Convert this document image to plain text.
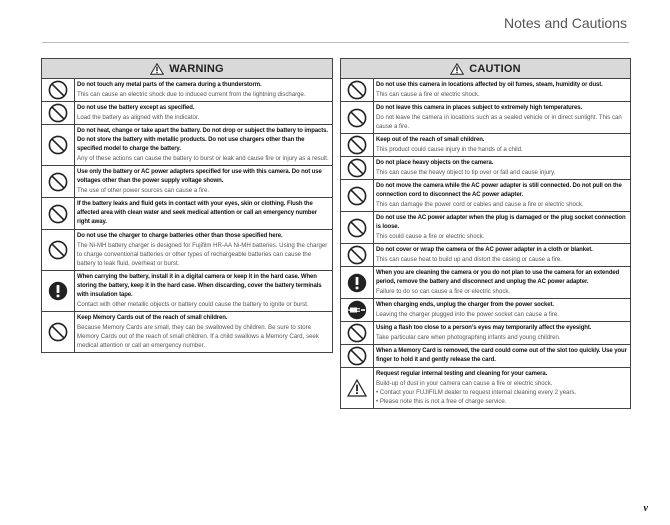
Notes and Cautions
WARNING
Do not touch any metal parts of the camera during a thunderstorm.
This can cause an electric shock due to induced current from the lightning discharge.
Do not use the battery except as specified.
Load the battery as aligned with the indicator.
Do not heat, change or take apart the battery. Do not drop or subject the battery to impacts. Do not store the battery with metallic products. Do not use chargers other than the specified model to charge the battery.
Any of these actions can cause the battery to burst or leak and cause fire or injury as a result.
Use only the battery or AC power adapters specified for use with this camera. Do not use voltages other than the power supply voltage shown.
The use of other power sources can cause a fire.
If the battery leaks and fluid gets in contact with your eyes, skin or clothing. Flush the affected area with clean water and seek medical attention or call an emergency number right away.
Do not use the charger to charge batteries other than those specified here.
The Ni-MH battery charger is designed for Fujifilm HR-AA Ni-MH batteries. Using the charger to charge conventional batteries or other types of rechargeable batteries can cause the battery to leak fluid, overheat or burst.
When carrying the battery, install it in a digital camera or keep it in the hard case. When storing the battery, keep it in the hard case. When discarding, cover the battery terminals with insulation tape.
Contact with other metallic objects or battery could cause the battery to ignite or burst.
Keep Memory Cards out of the reach of small children.
Because Memory Cards are small, they can be swallowed by children. Be sure to store Memory Cards out of the reach of small children. If a child swallows a Memory Card, seek medical attention or call an emergency number.
CAUTION
Do not use this camera in locations affected by oil fumes, steam, humidity or dust.
This can cause a fire or electric shock.
Do not leave this camera in places subject to extremely high temperatures.
Do not leave the camera in locations such as a sealed vehicle or in direct sunlight. This can cause a fire.
Keep out of the reach of small children.
This product could cause injury in the hands of a child.
Do not place heavy objects on the camera.
This can cause the heavy object to tip over or fall and cause injury.
Do not move the camera while the AC power adapter is still connected. Do not pull on the connection cord to disconnect the AC power adapter.
This can damage the power cord or cables and cause a fire or electric shock.
Do not use the AC power adapter when the plug is damaged or the plug socket connection is loose.
This could cause a fire or electric shock.
Do not cover or wrap the camera or the AC power adapter in a cloth or blanket.
This can cause heat to build up and distort the casing or cause a fire.
When you are cleaning the camera or you do not plan to use the camera for an extended period, remove the battery and disconnect and unplug the AC power adapter.
Failure to do so can cause a fire or electric shock.
When charging ends, unplug the charger from the power socket.
Leaving the charger plugged into the power socket can cause a fire.
Using a flash too close to a person’s eyes may temporarily affect the eyesight.
Take particular care when photographing infants and young children.
When a Memory Card is removed, the card could come out of the slot too quickly. Use your finger to hold it and gently release the card.
Request regular internal testing and cleaning for your camera.
Build-up of dust in your camera can cause a fire or electric shock.
• Contact your FUJIFILM dealer to request internal cleaning every 2 years.
• Please note this is not a free of charge service.
v
